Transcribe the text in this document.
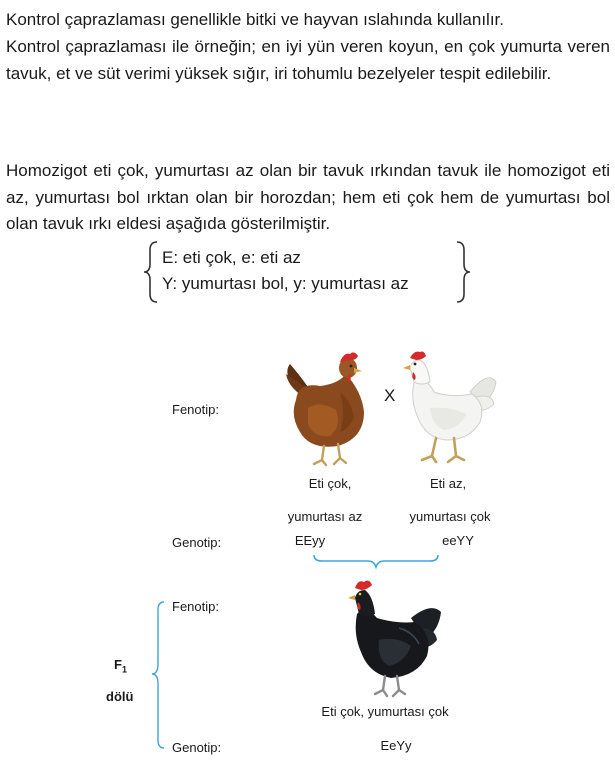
Kontrol çaprazlaması genellikle bitki ve hayvan ıslahında kullanılır.

Kontrol çaprazlaması ile örneğin; en iyi yün veren koyun, en çok yumurta veren tavuk, et ve süt verimi yüksek sığır, iri tohumlu bezelyeler tespit edilebilir.

Homozigot eti çok, yumurtası az olan bir tavuk ırkından tavuk ile homozigot eti az, yumurtası bol ırktan olan bir horozdan; hem eti çok hem de yumurtası bol olan tavuk ırkı eldesi aşağıda gösterilmiştir.

E: eti çok, e: eti az
Y: yumurtası bol, y: yumurtası az
Fenotip:
X
Eti çok,	Eti az,
yumurtası az	yumurtası çok
Genotip:	EEyy	eeYY
$F_1$
dölü
Fenotip:
Eti çok, yumurtası çok
Genotip:	EeYy
